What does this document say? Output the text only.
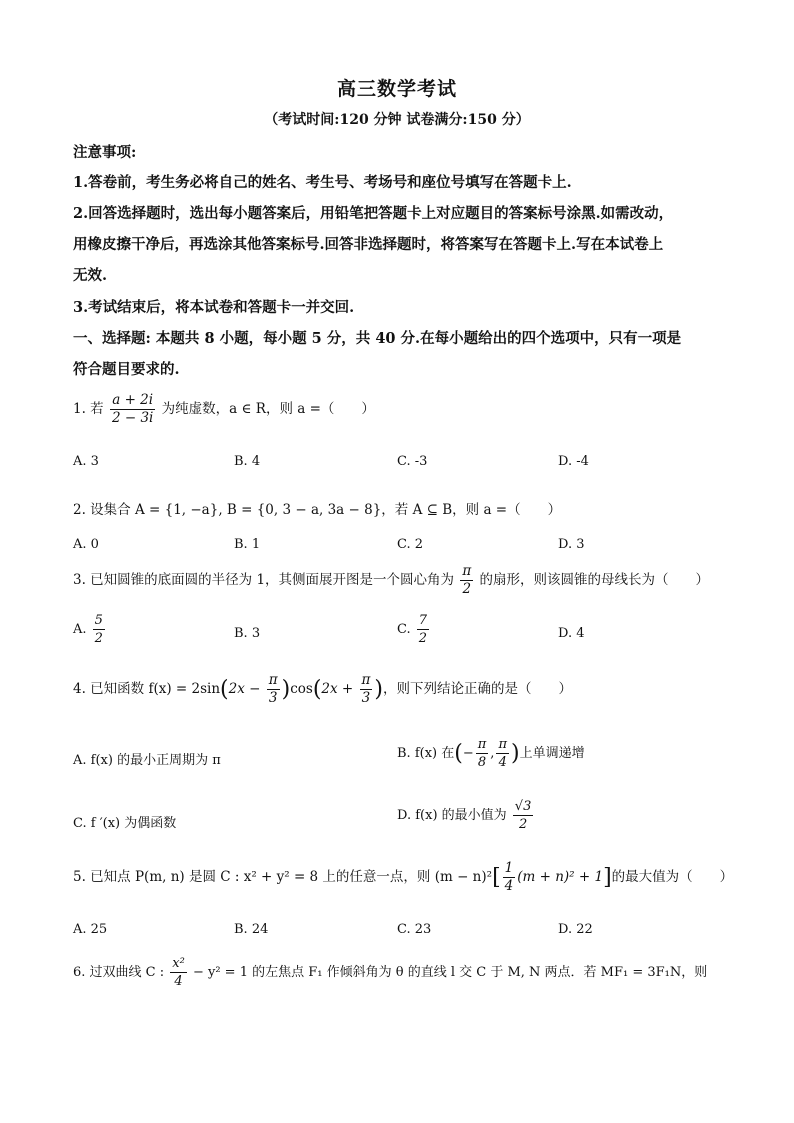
高三数学考试
（考试时间:120 分钟 试卷满分:150 分）
注意事项:
1.答卷前，考生务必将自己的姓名、考生号、考场号和座位号填写在答题卡上.
2.回答选择题时，选出每小题答案后，用铅笔把答题卡上对应题目的答案标号涂黑.如需改动，
用橡皮擦干净后，再选涂其他答案标号.回答非选择题时，将答案写在答题卡上.写在本试卷上
无效.
3.考试结束后，将本试卷和答题卡一并交回.
一、选择题: 本题共 8 小题，每小题 5 分，共 40 分.在每小题给出的四个选项中，只有一项是
符合题目要求的.
1. 若 $\frac{a + 2i}{2 - 3i}$ 为纯虚数，a ∈ R，则 a =（　　）
A. 3	B. 4	C. -3	D. -4
2. 设集合 A = {1, −a}, B = {0, 3 − a, 3a − 8}，若 A ⊆ B，则 a =（　　）
A. 0	B. 1	C. 2	D. 3
3. 已知圆锥的底面圆的半径为 1，其侧面展开图是一个圆心角为 $\frac{\pi}{2}$ 的扇形，则该圆锥的母线长为（　　）
A. $\frac{5}{2}$	B. 3	C. $\frac{7}{2}$	D. 4
4. 已知函数 $f(x) = 2\sin(2x - \frac{\pi}{3} )\cos(2x + \frac{\pi}{3}$ )，则下列结论正确的是（　　）
A. f(x) 的最小正周期为 π	B. f(x) 在(− $\frac{\pi}{8}$ , $\frac{\pi}{4}$ )上单调递增
C. f ′(x) 为偶函数
D. f(x) 的最小值为 $\frac{√3}{2}$
5. 已知点 P(m, n) 是圆 C : x² + y² = 8 上的任意一点，则 $(m - n)^2[ \frac{1}{4} (m + n)^2 + 1]$的最大值为（　　）
A. 25	B. 24	C. 23	D. 22
6. 过双曲线 C : $\frac{\text{x²}}{4} - y^2 = 1$ 的左焦点 F₁ 作倾斜角为 θ 的直线 l 交 C 于 M, N 两点．若 MF₁ = 3F₁N，则
